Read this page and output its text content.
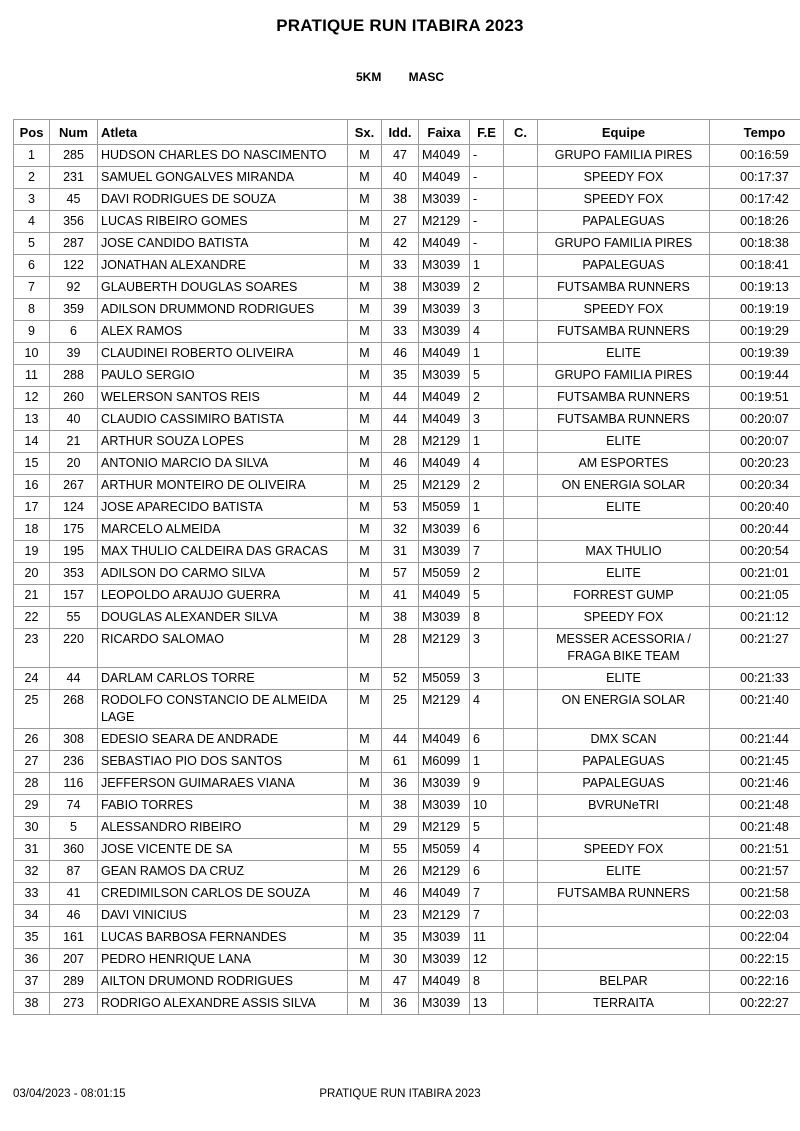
PRATIQUE RUN ITABIRA 2023
5KM MASC
Pos	Num	Atleta	Sx.	Idd.	Faixa	F.E	C.	Equipe	Tempo
1	285	HUDSON CHARLES DO NASCIMENTO	M	47	M4049	-		GRUPO FAMILIA PIRES	00:16:59
2	231	SAMUEL GONGALVES MIRANDA	M	40	M4049	-		SPEEDY FOX	00:17:37
3	45	DAVI RODRIGUES DE SOUZA	M	38	M3039	-		SPEEDY FOX	00:17:42
4	356	LUCAS RIBEIRO GOMES	M	27	M2129	-		PAPALEGUAS	00:18:26
5	287	JOSE CANDIDO BATISTA	M	42	M4049	-		GRUPO FAMILIA PIRES	00:18:38
6	122	JONATHAN ALEXANDRE	M	33	M3039	1		PAPALEGUAS	00:18:41
7	92	GLAUBERTH DOUGLAS SOARES	M	38	M3039	2		FUTSAMBA RUNNERS	00:19:13
8	359	ADILSON DRUMMOND RODRIGUES	M	39	M3039	3		SPEEDY FOX	00:19:19
9	6	ALEX RAMOS	M	33	M3039	4		FUTSAMBA RUNNERS	00:19:29
10	39	CLAUDINEI ROBERTO OLIVEIRA	M	46	M4049	1		ELITE	00:19:39
11	288	PAULO SERGIO	M	35	M3039	5		GRUPO FAMILIA PIRES	00:19:44
12	260	WELERSON SANTOS REIS	M	44	M4049	2		FUTSAMBA RUNNERS	00:19:51
13	40	CLAUDIO CASSIMIRO BATISTA	M	44	M4049	3		FUTSAMBA RUNNERS	00:20:07
14	21	ARTHUR SOUZA LOPES	M	28	M2129	1		ELITE	00:20:07
15	20	ANTONIO MARCIO DA SILVA	M	46	M4049	4		AM ESPORTES	00:20:23
16	267	ARTHUR MONTEIRO DE OLIVEIRA	M	25	M2129	2		ON ENERGIA SOLAR	00:20:34
17	124	JOSE APARECIDO BATISTA	M	53	M5059	1		ELITE	00:20:40
18	175	MARCELO ALMEIDA	M	32	M3039	6			00:20:44
19	195	MAX THULIO CALDEIRA DAS GRACAS	M	31	M3039	7		MAX THULIO	00:20:54
20	353	ADILSON DO CARMO SILVA	M	57	M5059	2		ELITE	00:21:01
21	157	LEOPOLDO ARAUJO GUERRA	M	41	M4049	5		FORREST GUMP	00:21:05
22	55	DOUGLAS ALEXANDER SILVA	M	38	M3039	8		SPEEDY FOX	00:21:12
23	220	RICARDO SALOMAO	M	28	M2129	3		MESSER ACESSORIA / FRAGA BIKE TEAM	00:21:27
24	44	DARLAM CARLOS TORRE	M	52	M5059	3		ELITE	00:21:33
25	268	RODOLFO CONSTANCIO DE ALMEIDA LAGE	M	25	M2129	4		ON ENERGIA SOLAR	00:21:40
26	308	EDESIO SEARA DE ANDRADE	M	44	M4049	6		DMX SCAN	00:21:44
27	236	SEBASTIAO PIO DOS SANTOS	M	61	M6099	1		PAPALEGUAS	00:21:45
28	116	JEFFERSON GUIMARAES VIANA	M	36	M3039	9		PAPALEGUAS	00:21:46
29	74	FABIO TORRES	M	38	M3039	10		BVRUNeTRI	00:21:48
30	5	ALESSANDRO RIBEIRO	M	29	M2129	5			00:21:48
31	360	JOSE VICENTE DE SA	M	55	M5059	4		SPEEDY FOX	00:21:51
32	87	GEAN RAMOS DA CRUZ	M	26	M2129	6		ELITE	00:21:57
33	41	CREDIMILSON CARLOS DE SOUZA	M	46	M4049	7		FUTSAMBA RUNNERS	00:21:58
34	46	DAVI VINICIUS	M	23	M2129	7			00:22:03
35	161	LUCAS BARBOSA FERNANDES	M	35	M3039	11			00:22:04
36	207	PEDRO HENRIQUE LANA	M	30	M3039	12			00:22:15
37	289	AILTON DRUMOND RODRIGUES	M	47	M4049	8		BELPAR	00:22:16
38	273	RODRIGO ALEXANDRE ASSIS SILVA	M	36	M3039	13		TERRAITA	00:22:27
03/04/2023 - 08:01:15	PRATIQUE RUN ITABIRA 2023
